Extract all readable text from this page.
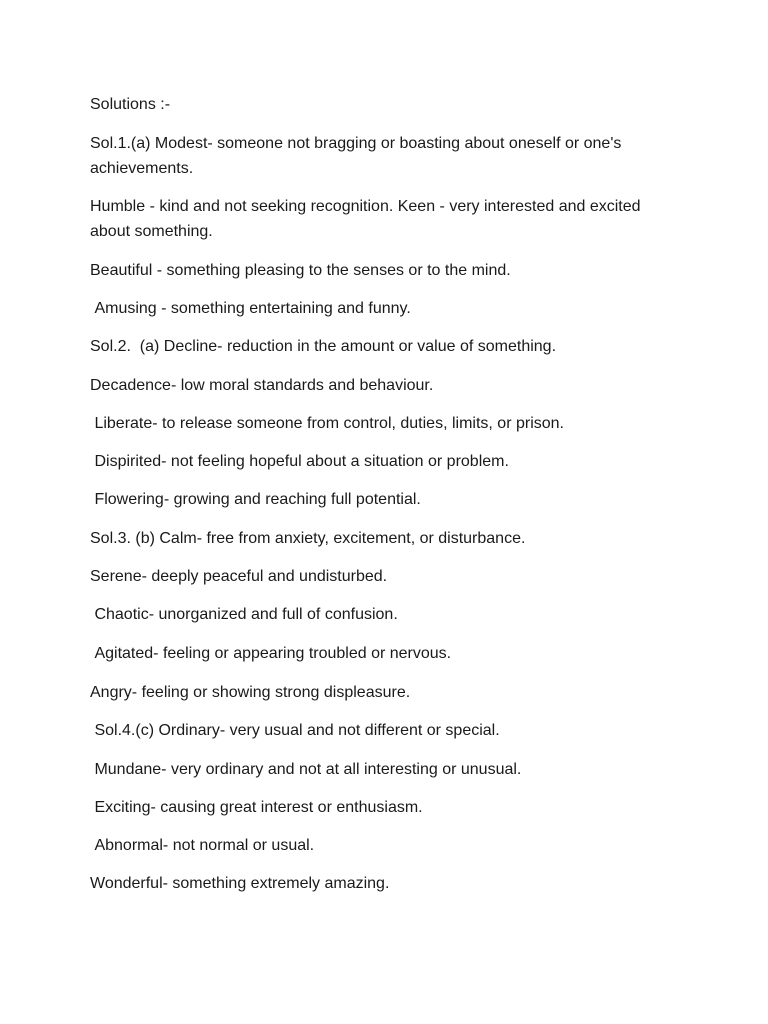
Solutions :-

Sol.1.(a) Modest- someone not bragging or boasting about oneself or one's achievements.

Humble - kind and not seeking recognition. Keen - very interested and excited about something.

Beautiful - something pleasing to the senses or to the mind.

Amusing - something entertaining and funny.

Sol.2.  (a) Decline- reduction in the amount or value of something.

Decadence- low moral standards and behaviour.

Liberate- to release someone from control, duties, limits, or prison.

Dispirited- not feeling hopeful about a situation or problem.

Flowering- growing and reaching full potential.

Sol.3. (b) Calm- free from anxiety, excitement, or disturbance.

Serene- deeply peaceful and undisturbed.

Chaotic- unorganized and full of confusion.

Agitated- feeling or appearing troubled or nervous.

Angry- feeling or showing strong displeasure.

Sol.4.(c) Ordinary- very usual and not different or special.

Mundane- very ordinary and not at all interesting or unusual.

Exciting- causing great interest or enthusiasm.

Abnormal- not normal or usual.

Wonderful- something extremely amazing.
